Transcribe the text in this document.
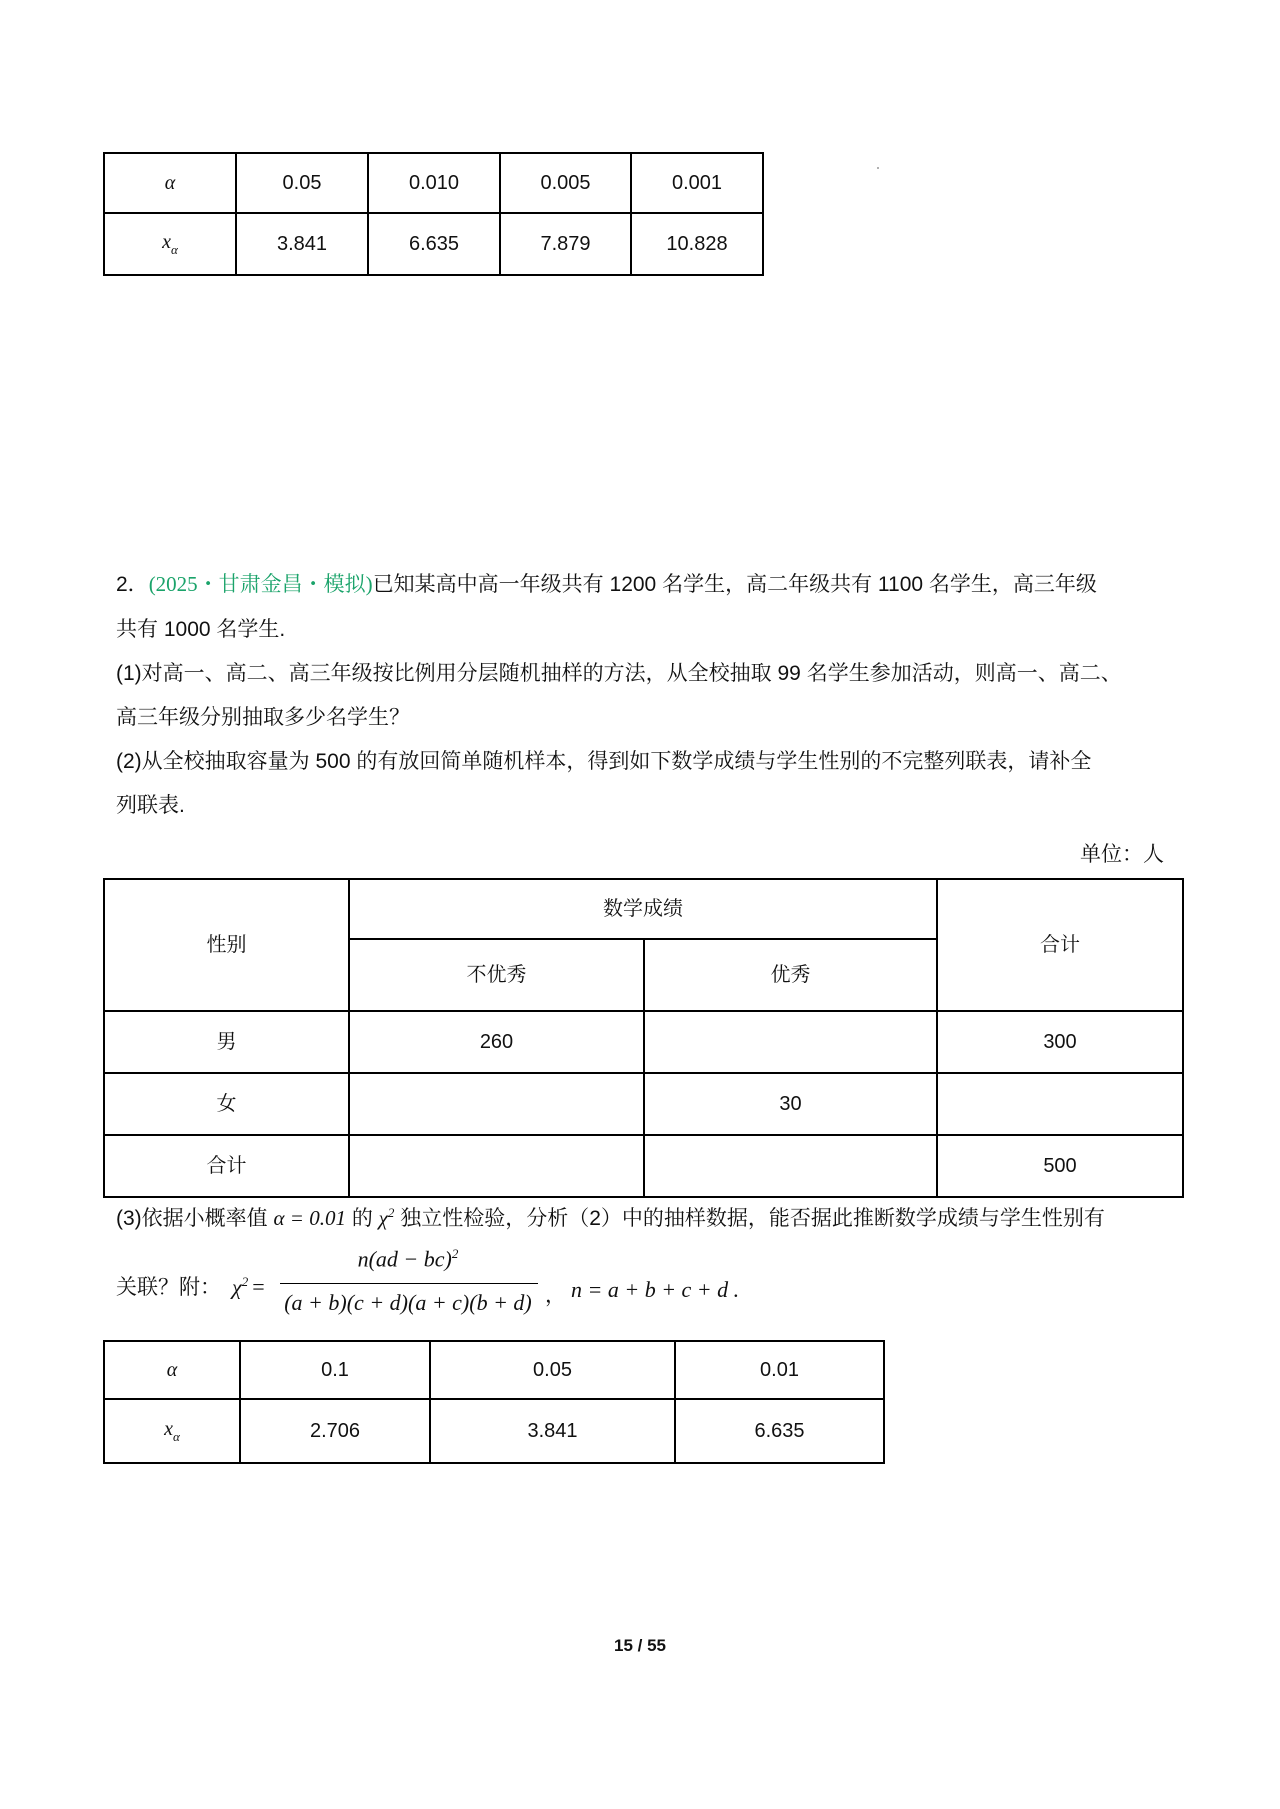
α	0.05	0.010	0.005	0.001
$x_\alpha$	3.841	6.635	7.879	10.828
2．(2025・甘肃金昌・模拟)已知某高中高一年级共有 1200 名学生，高二年级共有 1100 名学生，高三年级
共有 1000 名学生.
(1)对高一、高二、高三年级按比例用分层随机抽样的方法，从全校抽取 99 名学生参加活动，则高一、高二、
高三年级分别抽取多少名学生？
(2)从全校抽取容量为 500 的有放回简单随机样本，得到如下数学成绩与学生性别的不完整列联表，请补全
列联表.
单位：人
性别	数学成绩		合计
	不优秀	优秀	
男	260		300
女		30	
合计			500
(3)依据小概率值 α = 0.01 的 $\chi^2$ 独立性检验，分析（2）中的抽样数据，能否据此推断数学成绩与学生性别有
关联？附： $\chi^2$ =
n(ad − bc)$^2$
(a + b)(c + d)(a + c)(b + d) ， n = a + b + c + d .
α	0.1	0.05	0.01
$x_\alpha$	2.706	3.841	6.635
15 / 55
